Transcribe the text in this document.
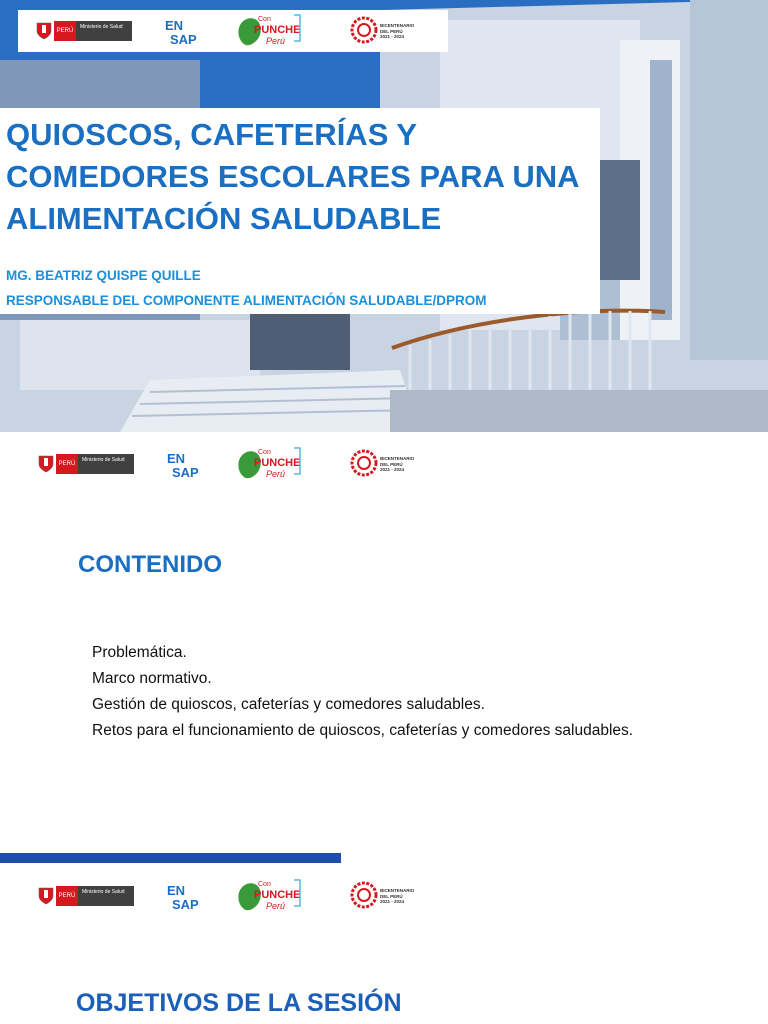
PERÚ
Ministerio de Salud	EN
SAP
Con
PUNCHE
Perú
BICENTENARIO
DEL PERÚ
2021 - 2024
QUIOSCOS, CAFETERÍAS Y COMEDORES ESCOLARES PARA UNA ALIMENTACIÓN SALUDABLE

MG. BEATRIZ QUISPE QUILLE

RESPONSABLE DEL COMPONENTE ALIMENTACIÓN SALUDABLE/DPROM

PERÚ
Ministerio de Salud	EN
SAP
Con
PUNCHE
Perú
BICENTENARIO
DEL PERÚ
2021 - 2024
CONTENIDO
Problemática.
Marco normativo.
Gestión de quioscos, cafeterías y comedores saludables.
Retos para el funcionamiento de quioscos, cafeterías y comedores saludables.
PERÚ
Ministerio de Salud	EN
SAP
Con
PUNCHE
Perú
BICENTENARIO
DEL PERÚ
2021 - 2024
OBJETIVOS DE LA SESIÓN
